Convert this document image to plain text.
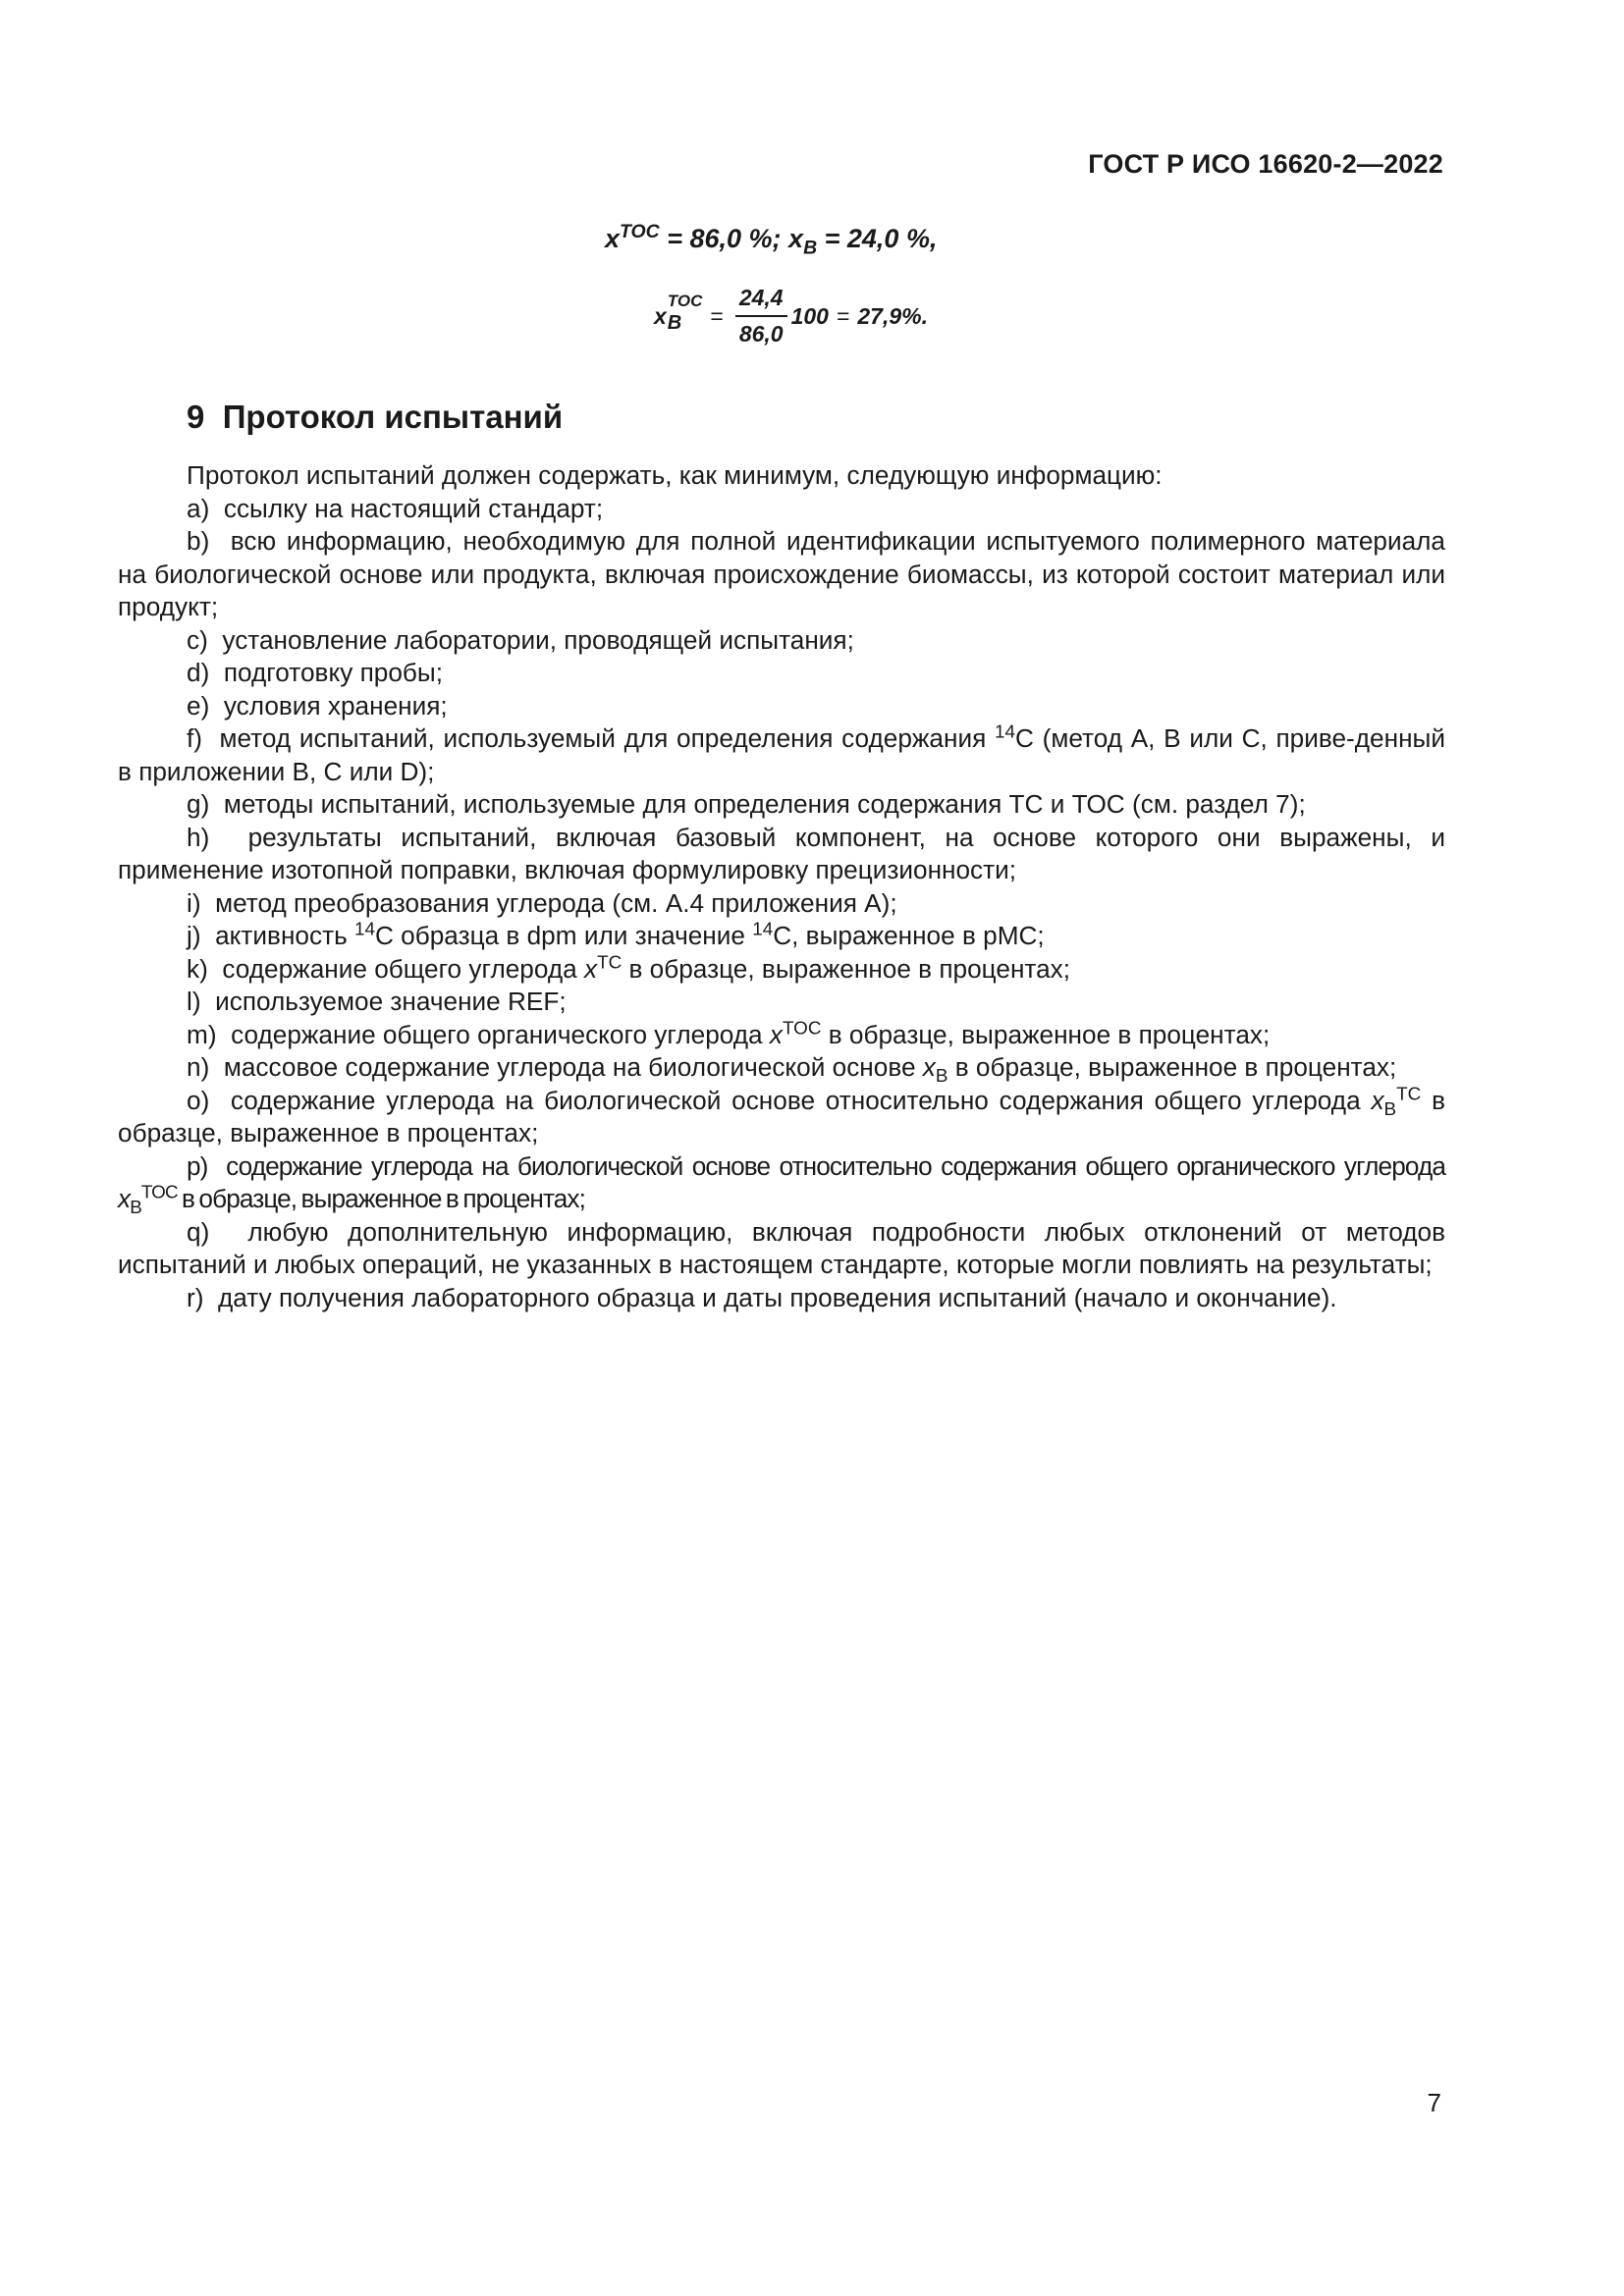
ГОСТ Р ИСО 16620-2—2022
$x^{TOC} = 86,0$ %; $x_B = 24,0$ %,
x
$^{TOC}$
$_B$	= $\frac{24,4}{86,0} 100 = 27,9\%$.
9 Протокол испытаний

Протокол испытаний должен содержать, как минимум, следующую информацию:

a) ссылку на настоящий стандарт;

b) всю информацию, необходимую для полной идентификации испытуемого полимерного материала на биологической основе или продукта, включая происхождение биомассы, из которой состоит материал или продукт;

c) установление лаборатории, проводящей испытания;

d) подготовку пробы;

e) условия хранения;

f) метод испытаний, используемый для определения содержания $^{14}$C (метод А, В или С, приве-денный в приложении В, С или D);

g) методы испытаний, используемые для определения содержания ТС и ТОС (см. раздел 7);

h) результаты испытаний, включая базовый компонент, на основе которого они выражены, и применение изотопной поправки, включая формулировку прецизионности;

i) метод преобразования углерода (см. А.4 приложения А);

j) активность $^{14}$С образца в dpm или значение $^{14}$С, выраженное в рМС;

k) содержание общего углерода $x^{TC}$ в образце, выраженное в процентах;

l) используемое значение REF;

m) содержание общего органического углерода $x^{TOC}$ в образце, выраженное в процентах;

n) массовое содержание углерода на биологической основе $x_B$ в образце, выраженное в процентах;

o) содержание углерода на биологической основе относительно содержания общего углерода $x_B^{TC}$ в образце, выраженное в процентах;

p) содержание углерода на биологической основе относительно содержания общего органического углерода $x_B^{TOC}$ в образце, выраженное в процентах;

q) любую дополнительную информацию, включая подробности любых отклонений от методов испытаний и любых операций, не указанных в настоящем стандарте, которые могли повлиять на результаты;

r) дату получения лабораторного образца и даты проведения испытаний (начало и окончание).

7
